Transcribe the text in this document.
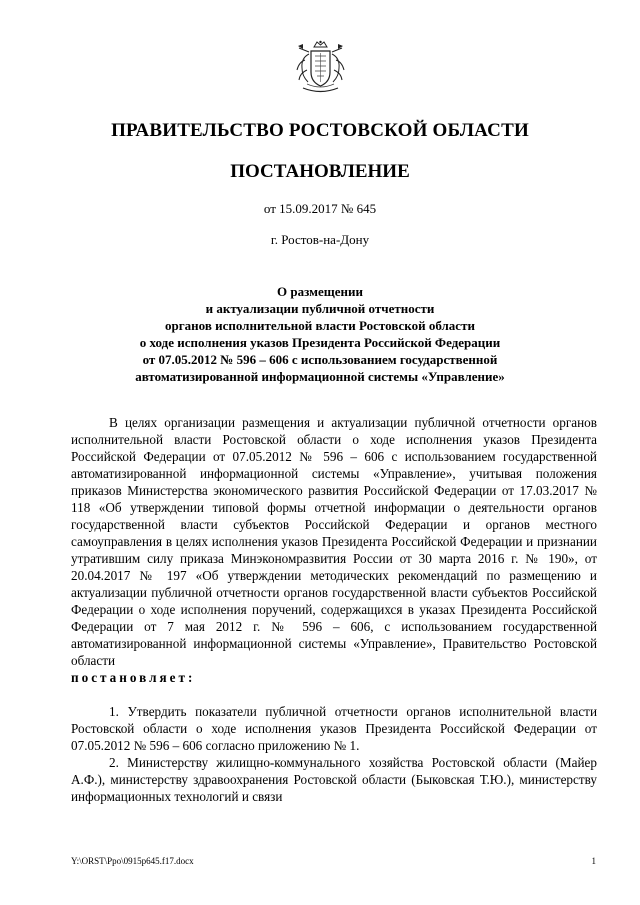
ПРАВИТЕЛЬСТВО РОСТОВСКОЙ ОБЛАСТИ
ПОСТАНОВЛЕНИЕ
от 15.09.2017 № 645
г. Ростов-на-Дону
О размещении
и актуализации публичной отчетности
органов исполнительной власти Ростовской области
о ходе исполнения указов Президента Российской Федерации
от 07.05.2012 № 596 – 606 с использованием государственной
автоматизированной информационной системы «Управление»

В целях организации размещения и актуализации публичной отчетности органов исполнительной власти Ростовской области о ходе исполнения указов Президента Российской Федерации от 07.05.2012 № 596 – 606 с использованием государственной автоматизированной информационной системы «Управление», учитывая положения приказов Министерства экономического развития Российской Федерации от 17.03.2017 № 118 «Об утверждении типовой формы отчетной информации о деятельности органов государственной власти субъектов Российской Федерации и органов местного самоуправления в целях исполнения указов Президента Российской Федерации и признании утратившим силу приказа Минэкономразвития России от 30 марта 2016 г. № 190», от 20.04.2017 № 197 «Об утверждении методических рекомендаций по размещению и актуализации публичной отчетности органов государственной власти субъектов Российской Федерации о ходе исполнения поручений, содержащихся в указах Президента Российской Федерации от 7 мая 2012 г. № 596 – 606, с использованием государственной автоматизированной информационной системы «Управление», Правительство Ростовской области

постановляет:

1. Утвердить показатели публичной отчетности органов исполнительной власти Ростовской области о ходе исполнения указов Президента Российской Федерации от 07.05.2012 № 596 – 606 согласно приложению № 1.

2. Министерству жилищно-коммунального хозяйства Ростовской области (Майер А.Ф.), министерству здравоохранения Ростовской области (Быковская Т.Ю.), министерству информационных технологий и связи

Y:\ORST\Ppo\0915p645.f17.docx	1
